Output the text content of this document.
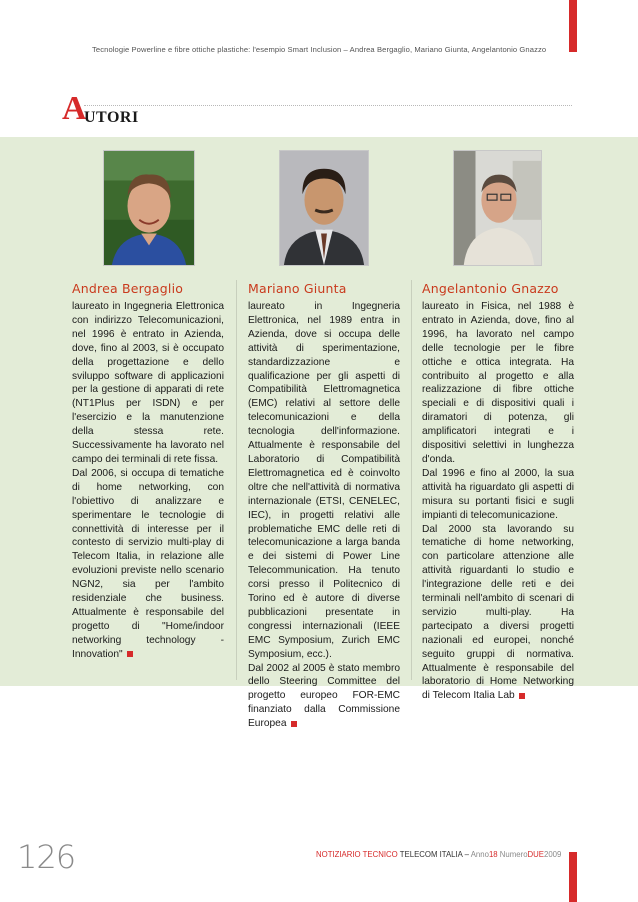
Tecnologie Powerline e fibre ottiche plastiche: l'esempio Smart Inclusion – Andrea Bergaglio, Mariano Giunta, Angelantonio Gnazzo
A
UTORI
Andrea Bergaglio

laureato in Ingegneria Elettronica con indirizzo Telecomunicazioni, nel 1996 è entrato in Azienda, dove, fino al 2003, si è occupato della progettazione e dello sviluppo software di applicazioni per la gestione di apparati di rete (NT1Plus per ISDN) e per l'esercizio e la manutenzione della stessa rete. Successivamente ha lavorato nel campo dei terminali di rete fissa.

Dal 2006, si occupa di tematiche di home networking, con l'obiettivo di analizzare e sperimentare le tecnologie di connettività di interesse per il contesto di servizio multi-play di Telecom Italia, in relazione alle evoluzioni previste nello scenario NGN2, sia per l'ambito residenziale che business. Attualmente è responsabile del progetto di "Home/indoor networking technology - Innovation"

Mariano Giunta

laureato in Ingegneria Elettronica, nel 1989 entra in Azienda, dove si occupa delle attività di sperimentazione, standardizzazione e qualificazione per gli aspetti di Compatibilità Elettromagnetica (EMC) relativi al settore delle telecomunicazioni e della tecnologia dell'informazione. Attualmente è responsabile del Laboratorio di Compatibilità Elettromagnetica ed è coinvolto oltre che nell'attività di normativa internazionale (ETSI, CENELEC, IEC), in progetti relativi alle problematiche EMC delle reti di telecomunicazione a larga banda e dei sistemi di Power Line Telecommunication. Ha tenuto corsi presso il Politecnico di Torino ed è autore di diverse pubblicazioni presentate in congressi internazionali (IEEE EMC Symposium, Zurich EMC Symposium, ecc.).

Dal 2002 al 2005 è stato membro dello Steering Committee del progetto europeo FOR-EMC finanziato dalla Commissione Europea

Angelantonio Gnazzo

laureato in Fisica, nel 1988 è entrato in Azienda, dove, fino al 1996, ha lavorato nel campo delle tecnologie per le fibre ottiche e ottica integrata. Ha contribuito al progetto e alla realizzazione di fibre ottiche speciali e di dispositivi quali i diramatori di potenza, gli amplificatori integrati e i dispositivi selettivi in lunghezza d'onda.

Dal 1996 e fino al 2000, la sua attività ha riguardato gli aspetti di misura su portanti fisici e sugli impianti di telecomunicazione.

Dal 2000 sta lavorando su tematiche di home networking, con particolare attenzione alle attività riguardanti lo studio e l'integrazione delle reti e dei terminali nell'ambito di scenari di servizio multi-play. Ha partecipato a diversi progetti nazionali ed europei, nonché seguito gruppi di normativa. Attualmente è responsabile del laboratorio di Home Networking di Telecom Italia Lab

126	NOTIZIARIO TECNICO TELECOM ITALIA – Anno18 NumeroDUE2009
